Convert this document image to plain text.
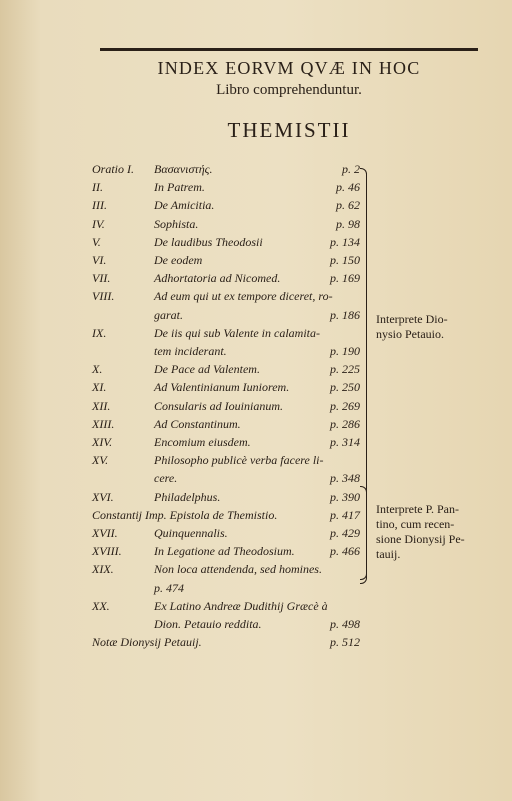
INDEX EORVM QVÆ IN HOC
Libro comprehenduntur.
THEMISTII
Oratio I. Βασανιστής.	p. 2
II.	In Patrem.	p. 46
III.	De Amicitia.	p. 62
IV.	Sophista.	p. 98
V.	De laudibus Theodosii	p. 134
VI.	De eodem	p. 150
VII.	Adhortatoria ad Nicomed.	p. 169
VIII.	Ad eum qui ut ex tempore diceret, ro-
garat.	p. 186
IX.	De iis qui sub Valente in calamita-
tem inciderant.	p. 190
X.	De Pace ad Valentem.	p. 225
XI.	Ad Valentinianum Iuniorem.	p. 250
XII.	Consularis ad Iouinianum.	p. 269
XIII.	Ad Constantinum.	p. 286
XIV.	Encomium eiusdem.	p. 314
XV.	Philosopho publicè verba facere li-
cere.	p. 348
XVI.	Philadelphus.	p. 390
Constantij Imp. Epistola de Themistio.	p. 417
XVII.	Quinquennalis.	p. 429
XVIII.	In Legatione ad Theodosium.	p. 466
XIX.	Non loca attendenda, sed homines.
p. 474
XX.	Ex Latino Andreæ Dudithij Græcè à
Dion. Petauio reddita.	p. 498
Notæ Dionysij Petauij.	p. 512
Interprete Dio-
nysio Petauio.
Interprete P. Pan-
tino, cum recen-
sione Dionysij Pe-
tauij.
